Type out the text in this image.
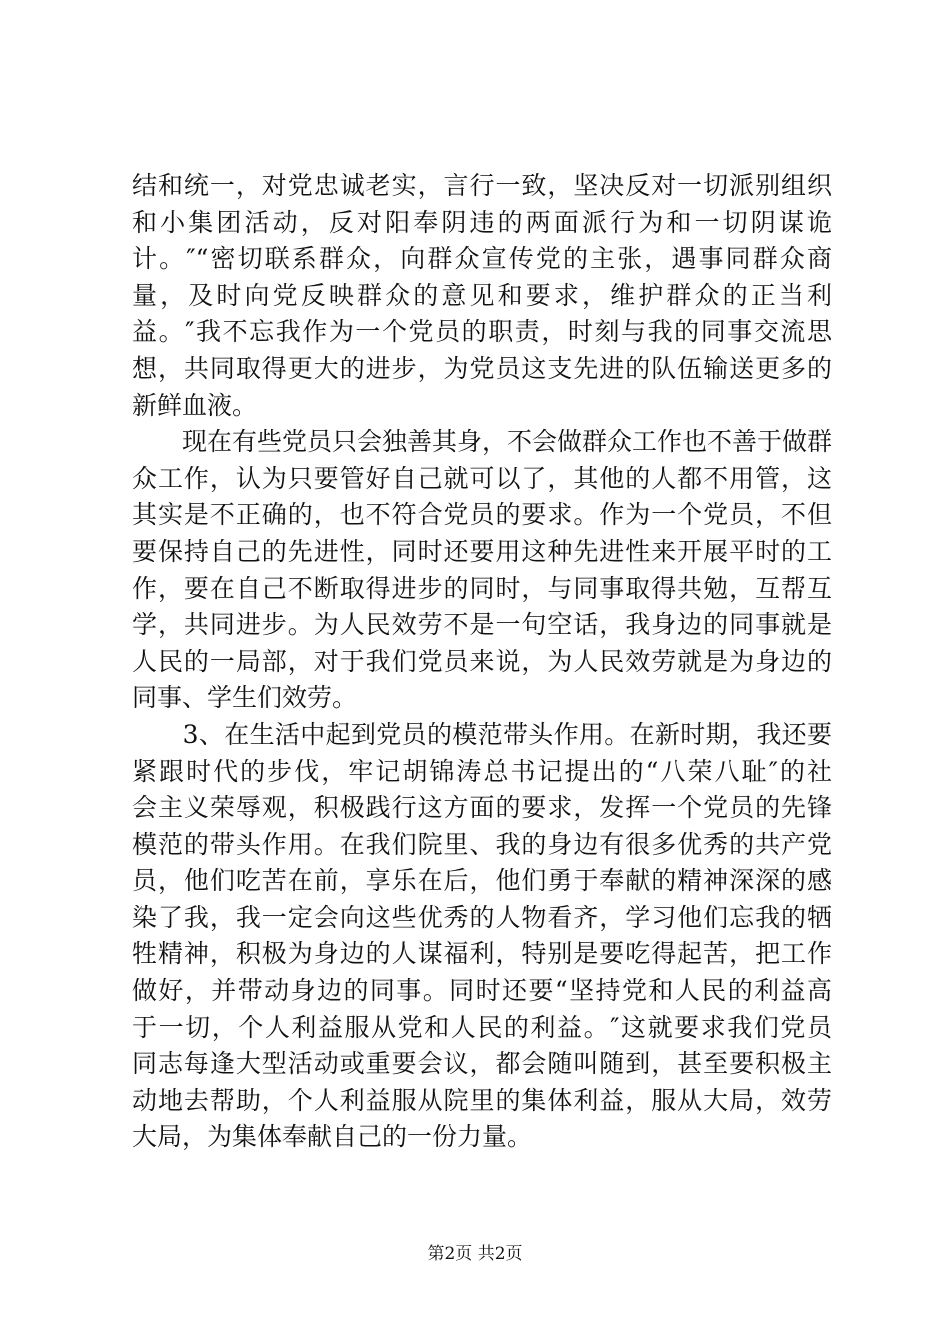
结和统一，对党忠诚老实，言行一致，坚决反对一切派别组织
和小集团活动，反对阳奉阴违的两面派行为和一切阴谋诡
计。″“密切联系群众，向群众宣传党的主张，遇事同群众商
量，及时向党反映群众的意见和要求，维护群众的正当利
益。″我不忘我作为一个党员的职责，时刻与我的同事交流思
想，共同取得更大的进步，为党员这支先进的队伍输送更多的
新鲜血液。
　　现在有些党员只会独善其身，不会做群众工作也不善于做群
众工作，认为只要管好自己就可以了，其他的人都不用管，这
其实是不正确的，也不符合党员的要求。作为一个党员，不但
要保持自己的先进性，同时还要用这种先进性来开展平时的工
作，要在自己不断取得进步的同时，与同事取得共勉，互帮互
学，共同进步。为人民效劳不是一句空话，我身边的同事就是
人民的一局部，对于我们党员来说，为人民效劳就是为身边的
同事、学生们效劳。
　　3、在生活中起到党员的模范带头作用。在新时期，我还要
紧跟时代的步伐，牢记胡锦涛总书记提出的“八荣八耻″的社
会主义荣辱观，积极践行这方面的要求，发挥一个党员的先锋
模范的带头作用。在我们院里、我的身边有很多优秀的共产党
员，他们吃苦在前，享乐在后，他们勇于奉献的精神深深的感
染了我，我一定会向这些优秀的人物看齐，学习他们忘我的牺
牲精神，积极为身边的人谋福利，特别是要吃得起苦，把工作
做好，并带动身边的同事。同时还要“坚持党和人民的利益高
于一切，个人利益服从党和人民的利益。″这就要求我们党员
同志每逢大型活动或重要会议，都会随叫随到，甚至要积极主
动地去帮助，个人利益服从院里的集体利益，服从大局，效劳
大局，为集体奉献自己的一份力量。
第2页 共2页
